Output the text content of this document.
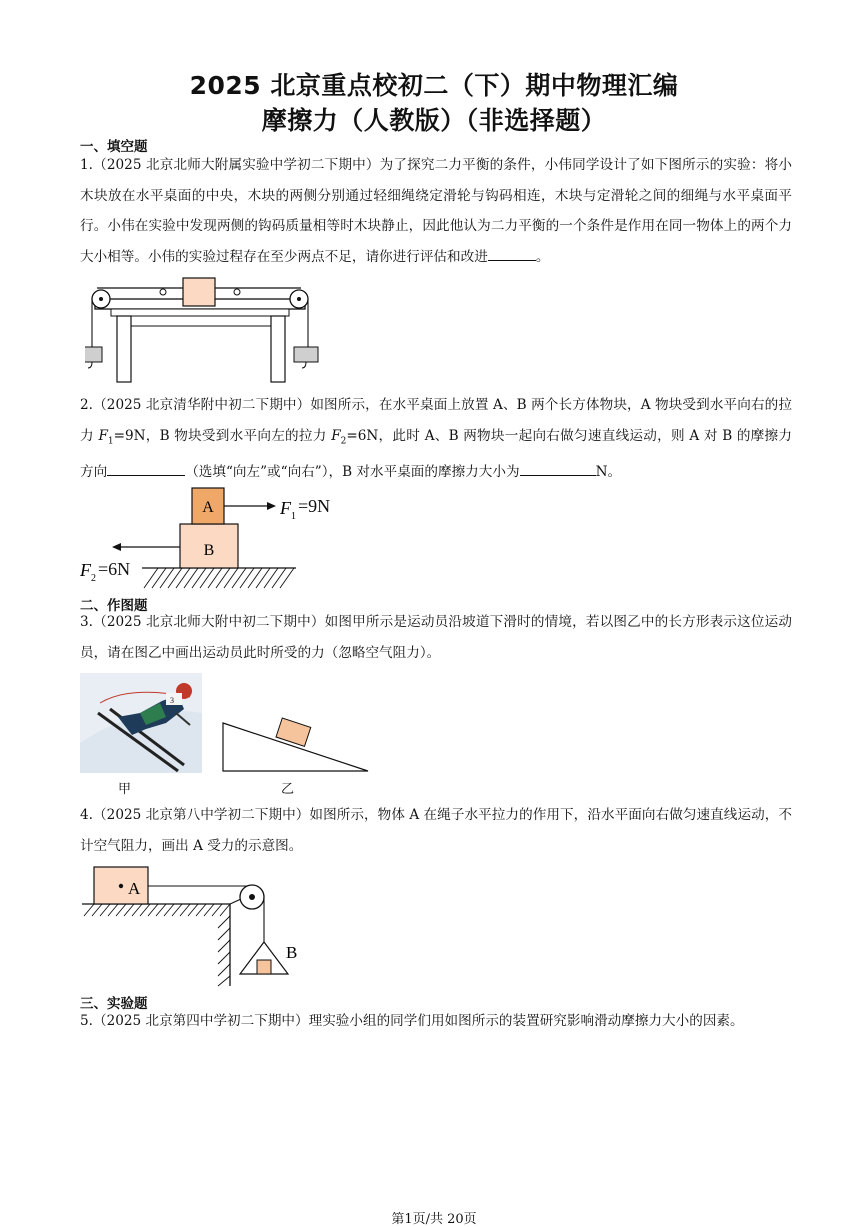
2025 北京重点校初二（下）期中物理汇编
摩擦力（人教版）（非选择题）
一、填空题
1.（2025 北京北师大附属实验中学初二下期中）为了探究二力平衡的条件，小伟同学设计了如下图所示的实验：将小木块放在水平桌面的中央，木块的两侧分别通过轻细绳绕定滑轮与钩码相连，木块与定滑轮之间的细绳与水平桌面平行。小伟在实验中发现两侧的钩码质量相等时木块静止，因此他认为二力平衡的一个条件是作用在同一物体上的两个力大小相等。小伟的实验过程存在至少两点不足，请你进行评估和改进	。
2.（2025 北京清华附中初二下期中）如图所示，在水平桌面上放置 A、B 两个长方体物块，A 物块受到水平向右的拉力 $F_1=9N$，B 物块受到水平向左的拉力 $F_2=6N$，此时 A、B 两物块一起向右做匀速直线运动，则 A 对 B 的摩擦力方向	（选填“向左”或“向右”），B 对水平桌面的摩擦力大小为	N。
B
A	F 1
F 2
=9N
=6N
二、作图题
3.（2025 北京北师大附中初二下期中）如图甲所示是运动员沿坡道下滑时的情境，若以图乙中的长方形表示这位运动员，请在图乙中画出运动员此时所受的力（忽略空气阻力）。
3
甲	乙
4.（2025 北京第八中学初二下期中）如图所示，物体 A 在绳子水平拉力的作用下，沿水平面向右做匀速直线运动，不计空气阻力，画出 A 受力的示意图。
A
B
三、实验题
5.（2025 北京第四中学初二下期中）理实验小组的同学们用如图所示的装置研究影响滑动摩擦力大小的因素。
第1页/共 20页
